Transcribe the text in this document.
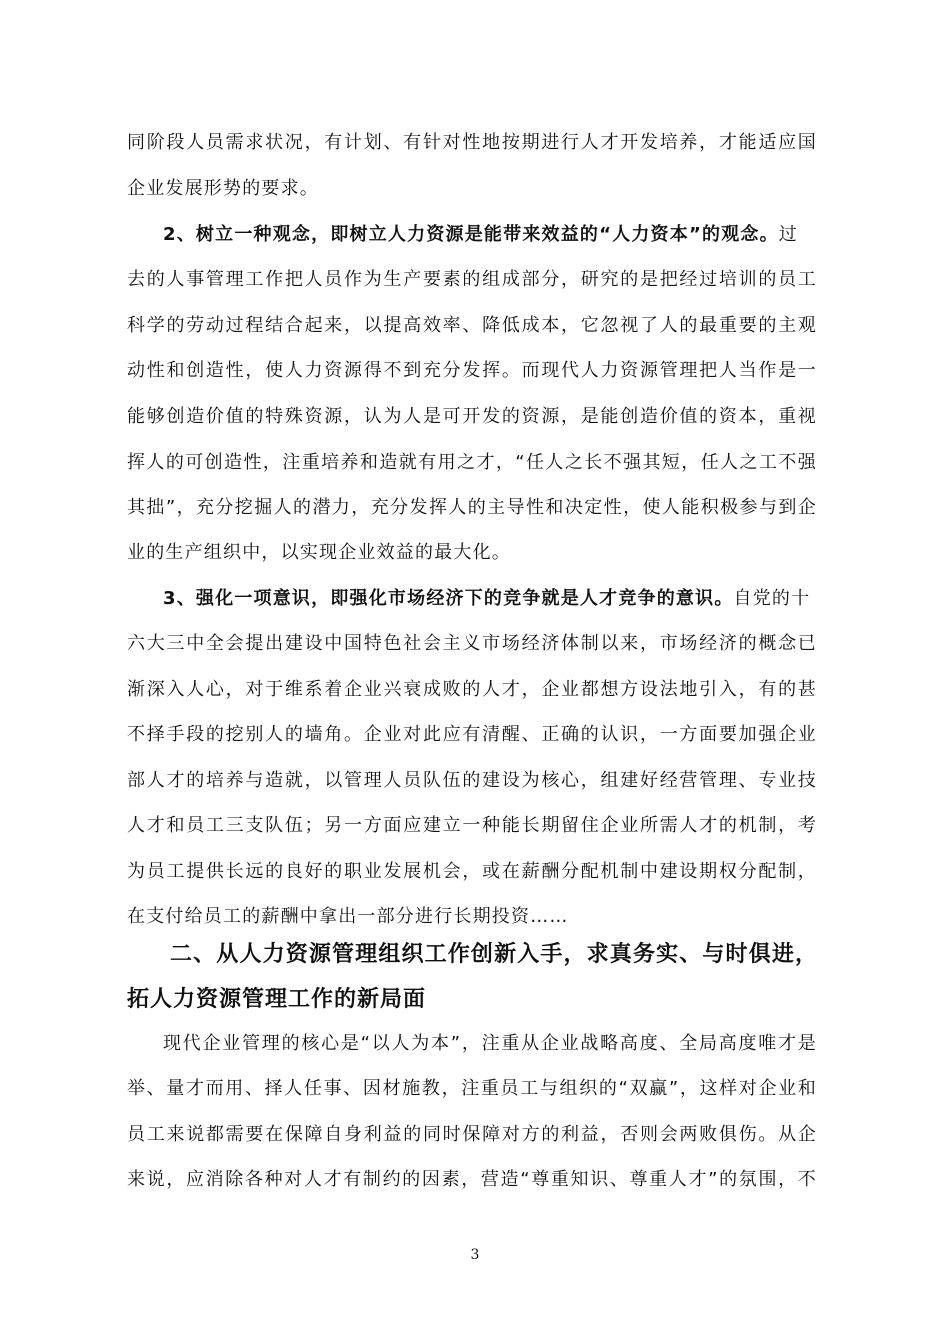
同阶段人员需求状况，有计划、有针对性地按期进行人才开发培养，才能适应国
企业发展形势的要求。
2、树立一种观念，即树立人力资源是能带来效益的“人力资本”的观念。过
去的人事管理工作把人员作为生产要素的组成部分，研究的是把经过培训的员工
科学的劳动过程结合起来，以提高效率、降低成本，它忽视了人的最重要的主观
动性和创造性，使人力资源得不到充分发挥。而现代人力资源管理把人当作是一
能够创造价值的特殊资源，认为人是可开发的资源，是能创造价值的资本，重视
挥人的可创造性，注重培养和造就有用之才，“任人之长不强其短，任人之工不强
其拙”，充分挖掘人的潜力，充分发挥人的主导性和决定性，使人能积极参与到企
业的生产组织中，以实现企业效益的最大化。
3、强化一项意识，即强化市场经济下的竞争就是人才竞争的意识。自党的十
六大三中全会提出建设中国特色社会主义市场经济体制以来，市场经济的概念已
渐深入人心，对于维系着企业兴衰成败的人才，企业都想方设法地引入，有的甚
不择手段的挖别人的墙角。企业对此应有清醒、正确的认识，一方面要加强企业
部人才的培养与造就，以管理人员队伍的建设为核心，组建好经营管理、专业技
人才和员工三支队伍；另一方面应建立一种能长期留住企业所需人才的机制，考
为员工提供长远的良好的职业发展机会，或在薪酬分配机制中建设期权分配制，
在支付给员工的薪酬中拿出一部分进行长期投资……
二、从人力资源管理组织工作创新入手，求真务实、与时俱进，
拓人力资源管理工作的新局面
现代企业管理的核心是“以人为本”，注重从企业战略高度、全局高度唯才是
举、量才而用、择人任事、因材施教，注重员工与组织的“双赢”，这样对企业和
员工来说都需要在保障自身利益的同时保障对方的利益，否则会两败俱伤。从企
来说，应消除各种对人才有制约的因素，营造“尊重知识、尊重人才”的氛围，不
3
